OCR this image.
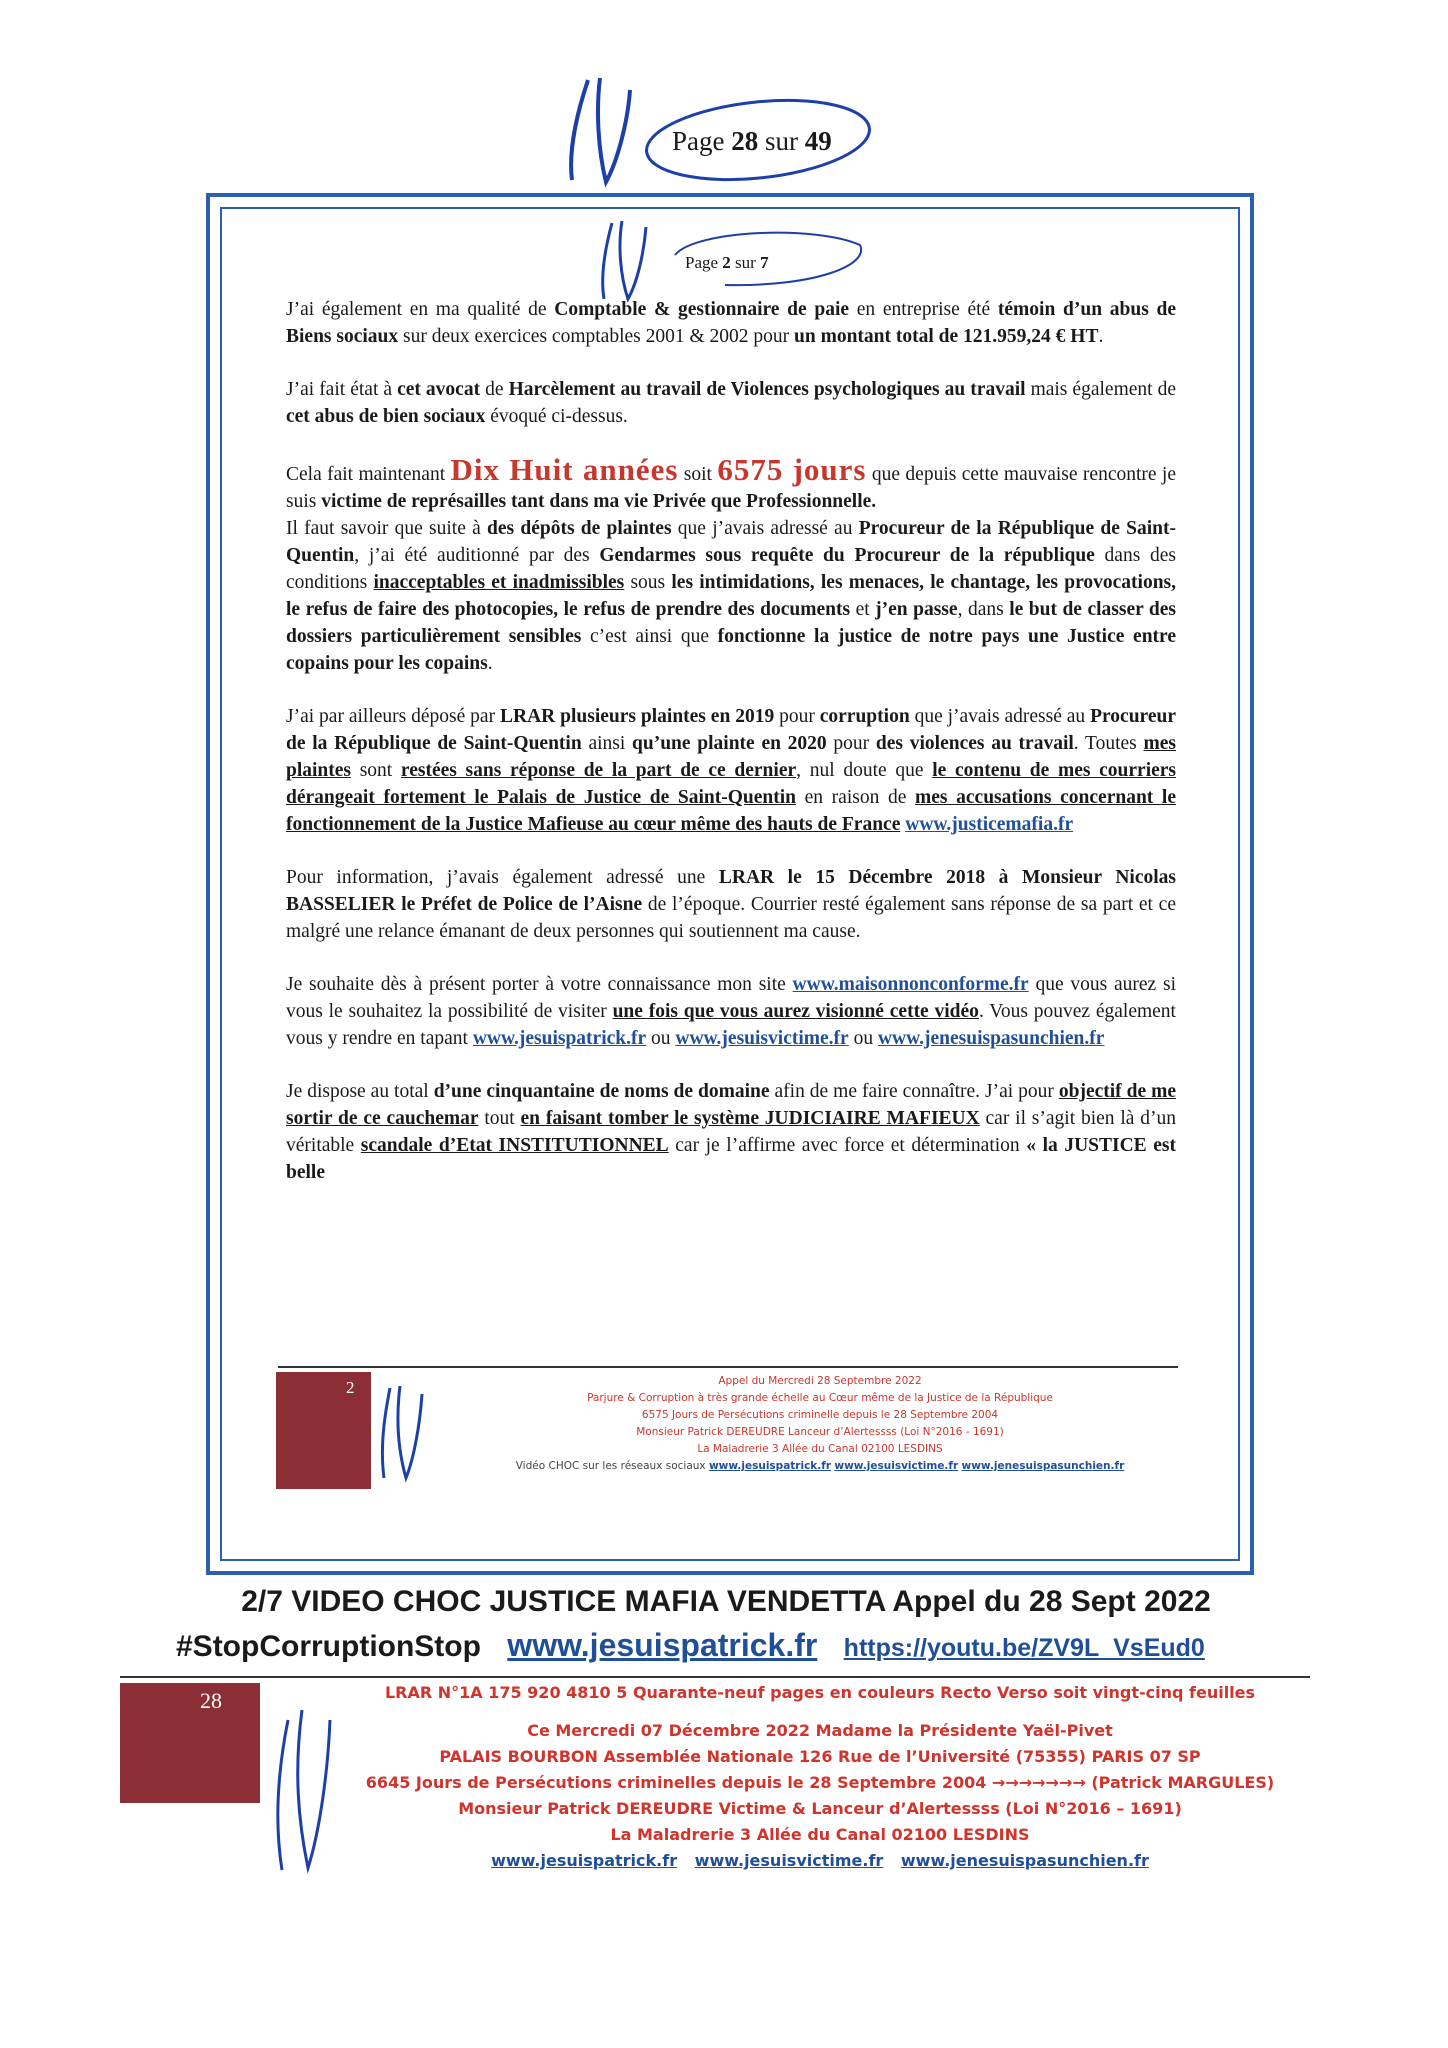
Page 28 sur 49
Page 2 sur 7

J’ai également en ma qualité de Comptable & gestionnaire de paie en entreprise été témoin d’un abus de Biens sociaux sur deux exercices comptables 2001 & 2002 pour un montant total de 121.959,24 € HT.

J’ai fait état à cet avocat de Harcèlement au travail de Violences psychologiques au travail mais également de cet abus de bien sociaux évoqué ci-dessus.

Cela fait maintenant Dix Huit années soit 6575 jours que depuis cette mauvaise rencontre je suis victime de représailles tant dans ma vie Privée que Professionnelle.

Il faut savoir que suite à des dépôts de plaintes que j’avais adressé au Procureur de la République de Saint-Quentin, j’ai été auditionné par des Gendarmes sous requête du Procureur de la république dans des conditions inacceptables et inadmissibles sous les intimidations, les menaces, le chantage, les provocations, le refus de faire des photocopies, le refus de prendre des documents et j’en passe, dans le but de classer des dossiers particulièrement sensibles c’est ainsi que fonctionne la justice de notre pays une Justice entre copains pour les copains.

J’ai par ailleurs déposé par LRAR plusieurs plaintes en 2019 pour corruption que j’avais adressé au Procureur de la République de Saint-Quentin ainsi qu’une plainte en 2020 pour des violences au travail. Toutes mes plaintes sont restées sans réponse de la part de ce dernier, nul doute que le contenu de mes courriers dérangeait fortement le Palais de Justice de Saint-Quentin en raison de mes accusations concernant le fonctionnement de la Justice Mafieuse au cœur même des hauts de France www.justicemafia.fr

Pour information, j’avais également adressé une LRAR le 15 Décembre 2018 à Monsieur Nicolas BASSELIER le Préfet de Police de l’Aisne de l’époque. Courrier resté également sans réponse de sa part et ce malgré une relance émanant de deux personnes qui soutiennent ma cause.

Je souhaite dès à présent porter à votre connaissance mon site www.maisonnonconforme.fr que vous aurez si vous le souhaitez la possibilité de visiter une fois que vous aurez visionné cette vidéo. Vous pouvez également vous y rendre en tapant www.jesuispatrick.fr ou www.jesuisvictime.fr ou www.jenesuispasunchien.fr

Je dispose au total d’une cinquantaine de noms de domaine afin de me faire connaître. J’ai pour objectif de me sortir de ce cauchemar tout en faisant tomber le système JUDICIAIRE MAFIEUX car il s’agit bien là d’un véritable scandale d’Etat INSTITUTIONNEL car je l’affirme avec force et détermination « la JUSTICE est belle

2	Appel du Mercredi 28 Septembre 2022
Parjure & Corruption à très grande échelle au Cœur même de la Justice de la République
6575 Jours de Persécutions criminelle depuis le 28 Septembre 2004
Monsieur Patrick DEREUDRE Lanceur d’Alertessss (Loi N°2016 - 1691)
La Maladrerie 3 Allée du Canal 02100 LESDINS
Vidéo CHOC sur les réseaux sociaux www.jesuispatrick.fr www.jesuisvictime.fr www.jenesuispasunchien.fr
2/7 VIDEO CHOC JUSTICE MAFIA VENDETTA Appel du 28 Sept 2022
#StopCorruptionStop www.jesuispatrick.fr https://youtu.be/ZV9L_VsEud0
28	LRAR N°1A 175 920 4810 5 Quarante-neuf pages en couleurs Recto Verso soit vingt-cinq feuilles
Ce Mercredi 07 Décembre 2022 Madame la Présidente Yaël-Pivet
PALAIS BOURBON Assemblée Nationale 126 Rue de l’Université (75355) PARIS 07 SP
6645 Jours de Persécutions criminelles depuis le 28 Septembre 2004 →→→→→→→ (Patrick MARGULES)
Monsieur Patrick DEREUDRE Victime & Lanceur d’Alertessss (Loi N°2016 – 1691)
La Maladrerie 3 Allée du Canal 02100 LESDINS
www.jesuispatrick.fr www.jesuisvictime.fr www.jenesuispasunchien.fr
